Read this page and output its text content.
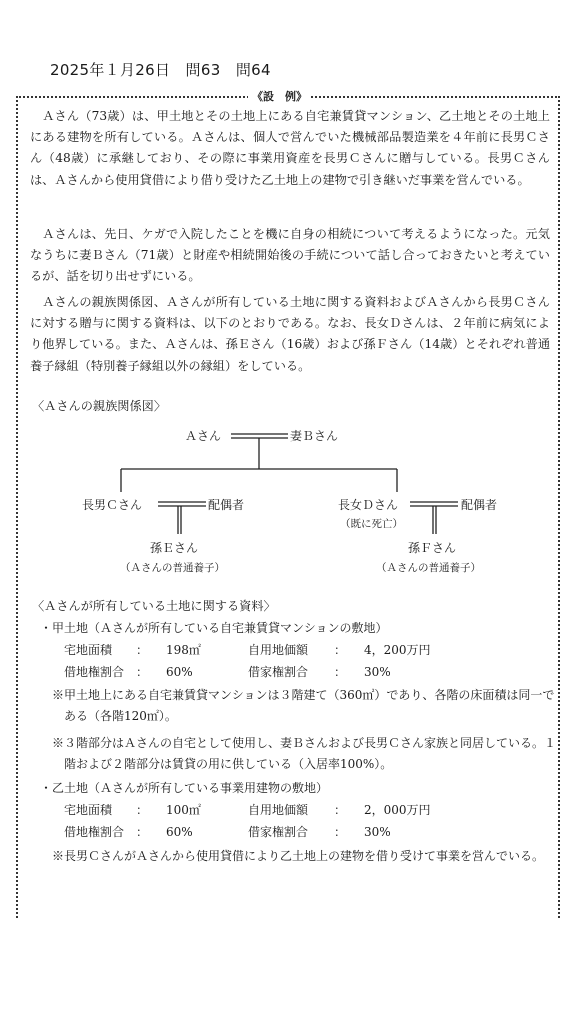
2025年１月26日　問63　問64
《設　例》
Ａさん（73歳）は、甲土地とその土地上にある自宅兼賃貸マンション、乙土地とその土地上にある建物を所有している。Ａさんは、個人で営んでいた機械部品製造業を４年前に長男Ｃさん（48歳）に承継しており、その際に事業用資産を長男Ｃさんに贈与している。長男Ｃさんは、Ａさんから使用貸借により借り受けた乙土地上の建物で引き継いだ事業を営んでいる。
Ａさんは、先日、ケガで入院したことを機に自身の相続について考えるようになった。元気なうちに妻Ｂさん（71歳）と財産や相続開始後の手続について話し合っておきたいと考えているが、話を切り出せずにいる。
Ａさんの親族関係図、Ａさんが所有している土地に関する資料およびＡさんから長男Ｃさんに対する贈与に関する資料は、以下のとおりである。なお、長女Ｄさんは、２年前に病気により他界している。また、Ａさんは、孫Ｅさん（16歳）および孫Ｆさん（14歳）とそれぞれ普通養子縁組（特別養子縁組以外の縁組）をしている。
〈Ａさんの親族関係図〉
Ａさん	妻Ｂさん
長男Ｃさん	配偶者	長女Ｄさん
（既に死亡）
配偶者
孫Ｅさん
（Ａさんの普通養子）
孫Ｆさん
（Ａさんの普通養子）
〈Ａさんが所有している土地に関する資料〉
・甲土地（Ａさんが所有している自宅兼賃貸マンションの敷地）
宅地面積 ： 198㎡	自用地価額 ： 4，200万円
借地権割合 ： 60%	借家権割合 ： 30%
※甲土地上にある自宅兼賃貸マンションは３階建て（360㎡）であり、各階の床面積は同一である（各階120㎡）。
※３階部分はＡさんの自宅として使用し、妻Ｂさんおよび長男Ｃさん家族と同居している。１階および２階部分は賃貸の用に供している（入居率100%）。
・乙土地（Ａさんが所有している事業用建物の敷地）
宅地面積 ： 100㎡	自用地価額 ： 2，000万円
借地権割合 ： 60%	借家権割合 ： 30%
※長男ＣさんがＡさんから使用貸借により乙土地上の建物を借り受けて事業を営んでいる。
